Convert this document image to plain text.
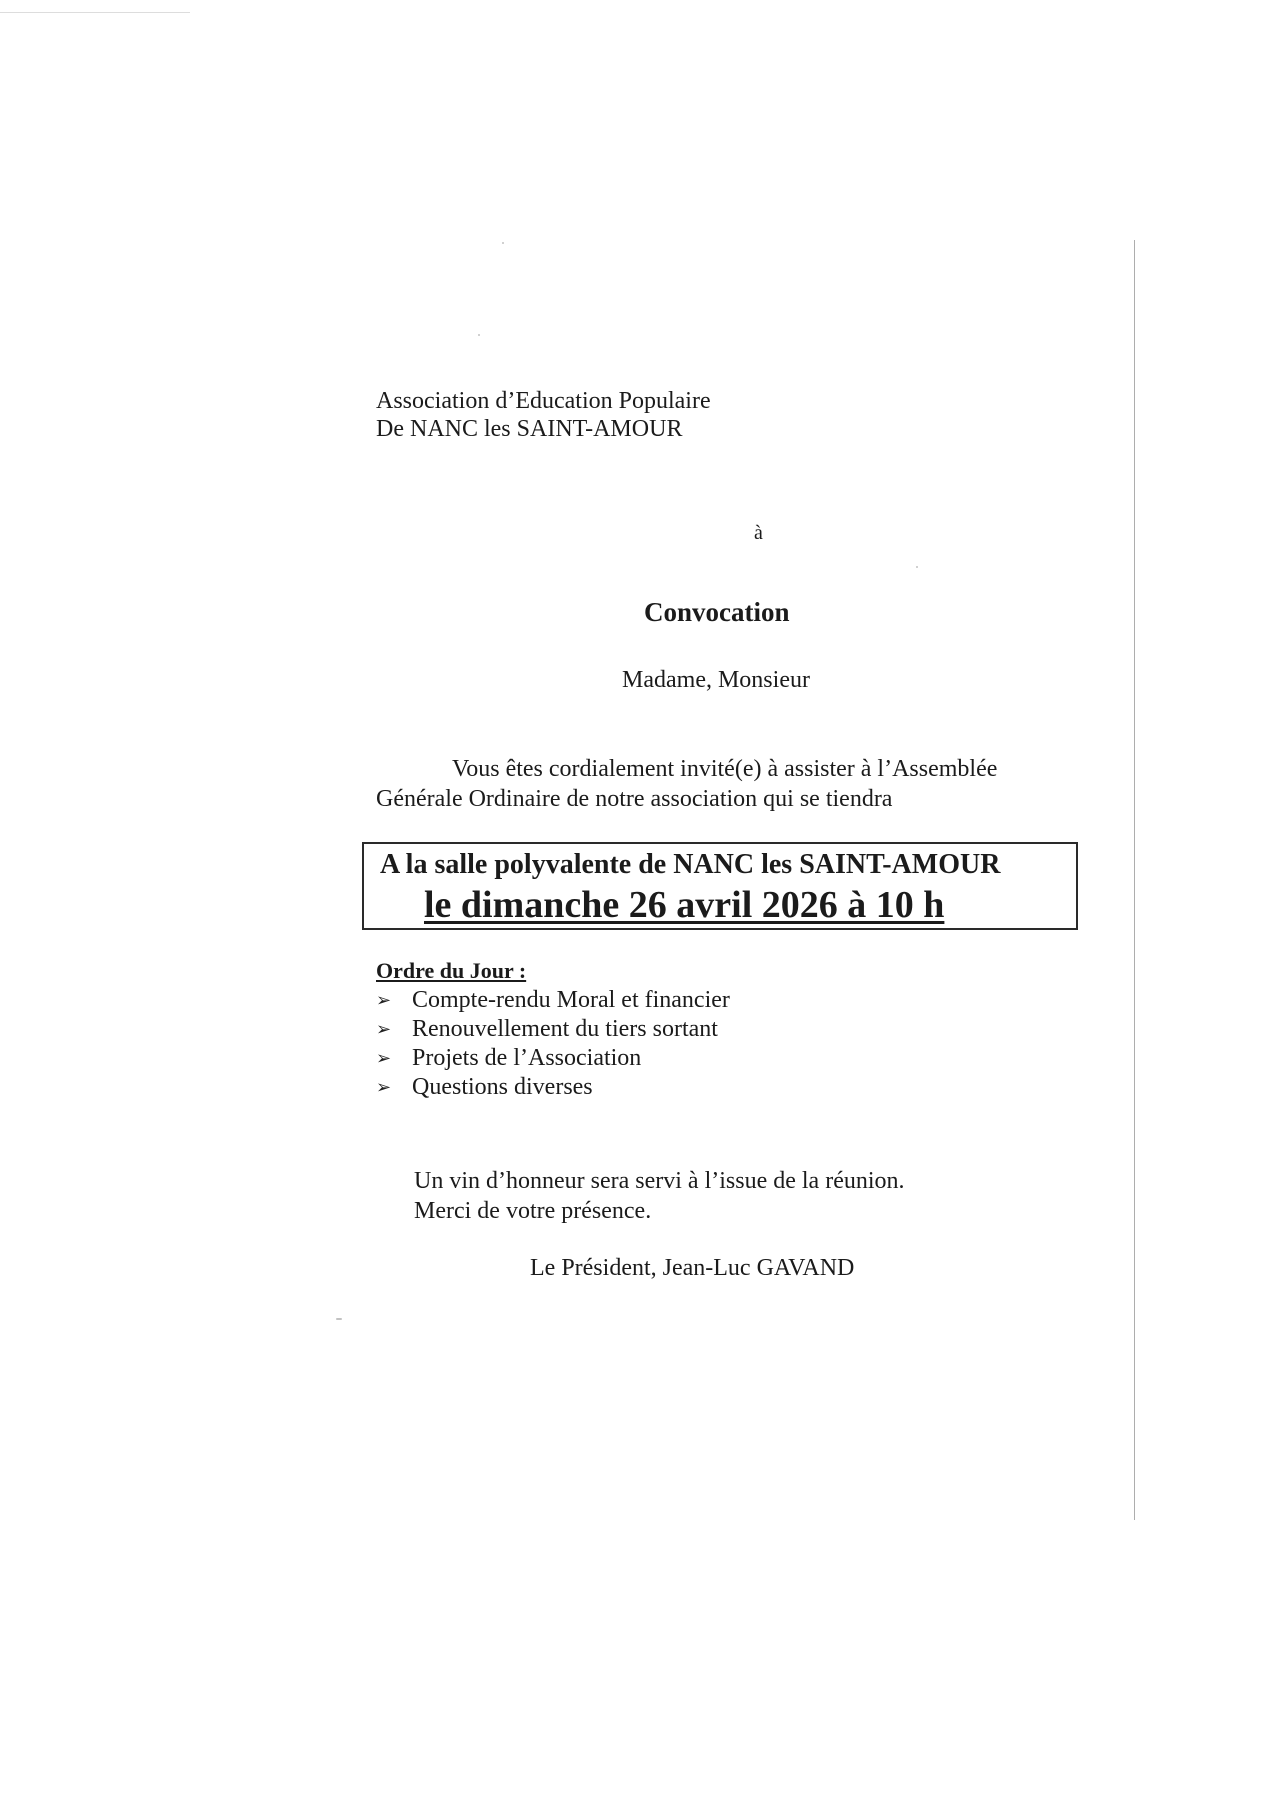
Association d’Education Populaire
De NANC les SAINT-AMOUR
à
Convocation
Madame, Monsieur
Vous êtes cordialement invité(e) à assister à l’Assemblée
Générale Ordinaire de notre association qui se tiendra
A la salle polyvalente de NANC les SAINT-AMOUR
le dimanche 26 avril 2026 à 10 h
Ordre du Jour :
➢ Compte-rendu Moral et financier
➢ Renouvellement du tiers sortant
➢ Projets de l’Association
➢ Questions diverses
Un vin d’honneur sera servi à l’issue de la réunion.
Merci de votre présence.
Le Président, Jean-Luc GAVAND
